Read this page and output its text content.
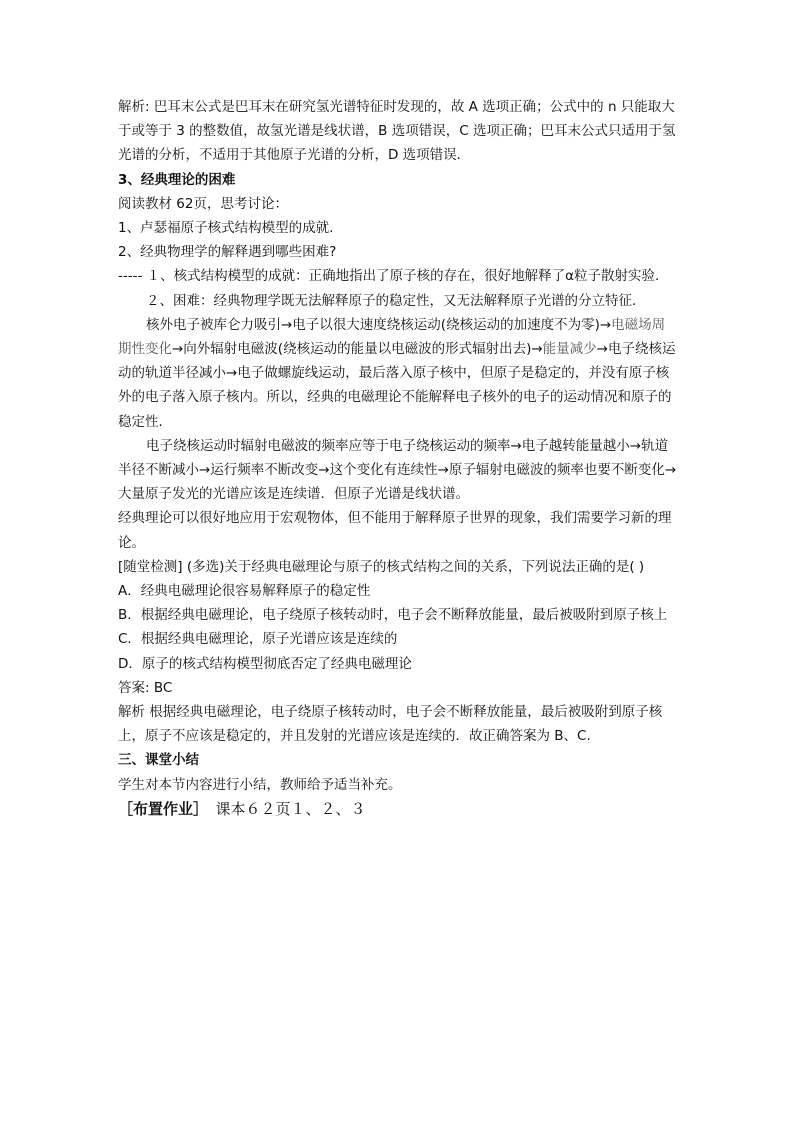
解析: 巴耳末公式是巴耳末在研究氢光谱特征时发现的，故 A 选项正确；公式中的 n 只能取大于或等于 3 的整数值，故氢光谱是线状谱，B 选项错误，C 选项正确；巴耳末公式只适用于氢光谱的分析，不适用于其他原子光谱的分析，D 选项错误．

3、经典理论的困难

阅读教材 62页，思考讨论：

1、卢瑟福原子核式结构模型的成就.

2、经典物理学的解释遇到哪些困难?

----- １、核式结构模型的成就：正确地指出了原子核的存在，很好地解释了α粒子散射实验．

２、困难：经典物理学既无法解释原子的稳定性，又无法解释原子光谱的分立特征．

核外电子被库仑力吸引→电子以很大速度绕核运动(绕核运动的加速度不为零)→电磁场周期性变化→向外辐射电磁波(绕核运动的能量以电磁波的形式辐射出去)→能量减少→电子绕核运动的轨道半径减小→电子做螺旋线运动，最后落入原子核中，但原子是稳定的，并没有原子核外的电子落入原子核内。所以，经典的电磁理论不能解释电子核外的电子的运动情况和原子的稳定性．

电子绕核运动时辐射电磁波的频率应等于电子绕核运动的频率→电子越转能量越小→轨道半径不断减小→运行频率不断改变→这个变化有连续性→原子辐射电磁波的频率也要不断变化→大量原子发光的光谱应该是连续谱．但原子光谱是线状谱。

经典理论可以很好地应用于宏观物体，但不能用于解释原子世界的现象，我们需要学习新的理论。

[随堂检测] (多选)关于经典电磁理论与原子的核式结构之间的关系，下列说法正确的是( )

A．经典电磁理论很容易解释原子的稳定性

B．根据经典电磁理论，电子绕原子核转动时，电子会不断释放能量，最后被吸附到原子核上

C．根据经典电磁理论，原子光谱应该是连续的

D．原子的核式结构模型彻底否定了经典电磁理论

答案: BC

解析 根据经典电磁理论，电子绕原子核转动时，电子会不断释放能量，最后被吸附到原子核上，原子不应该是稳定的，并且发射的光谱应该是连续的．故正确答案为 B、C.

三、课堂小结

学生对本节内容进行小结，教师给予适当补充。

［布置作业］　课本６２页１、２、３
